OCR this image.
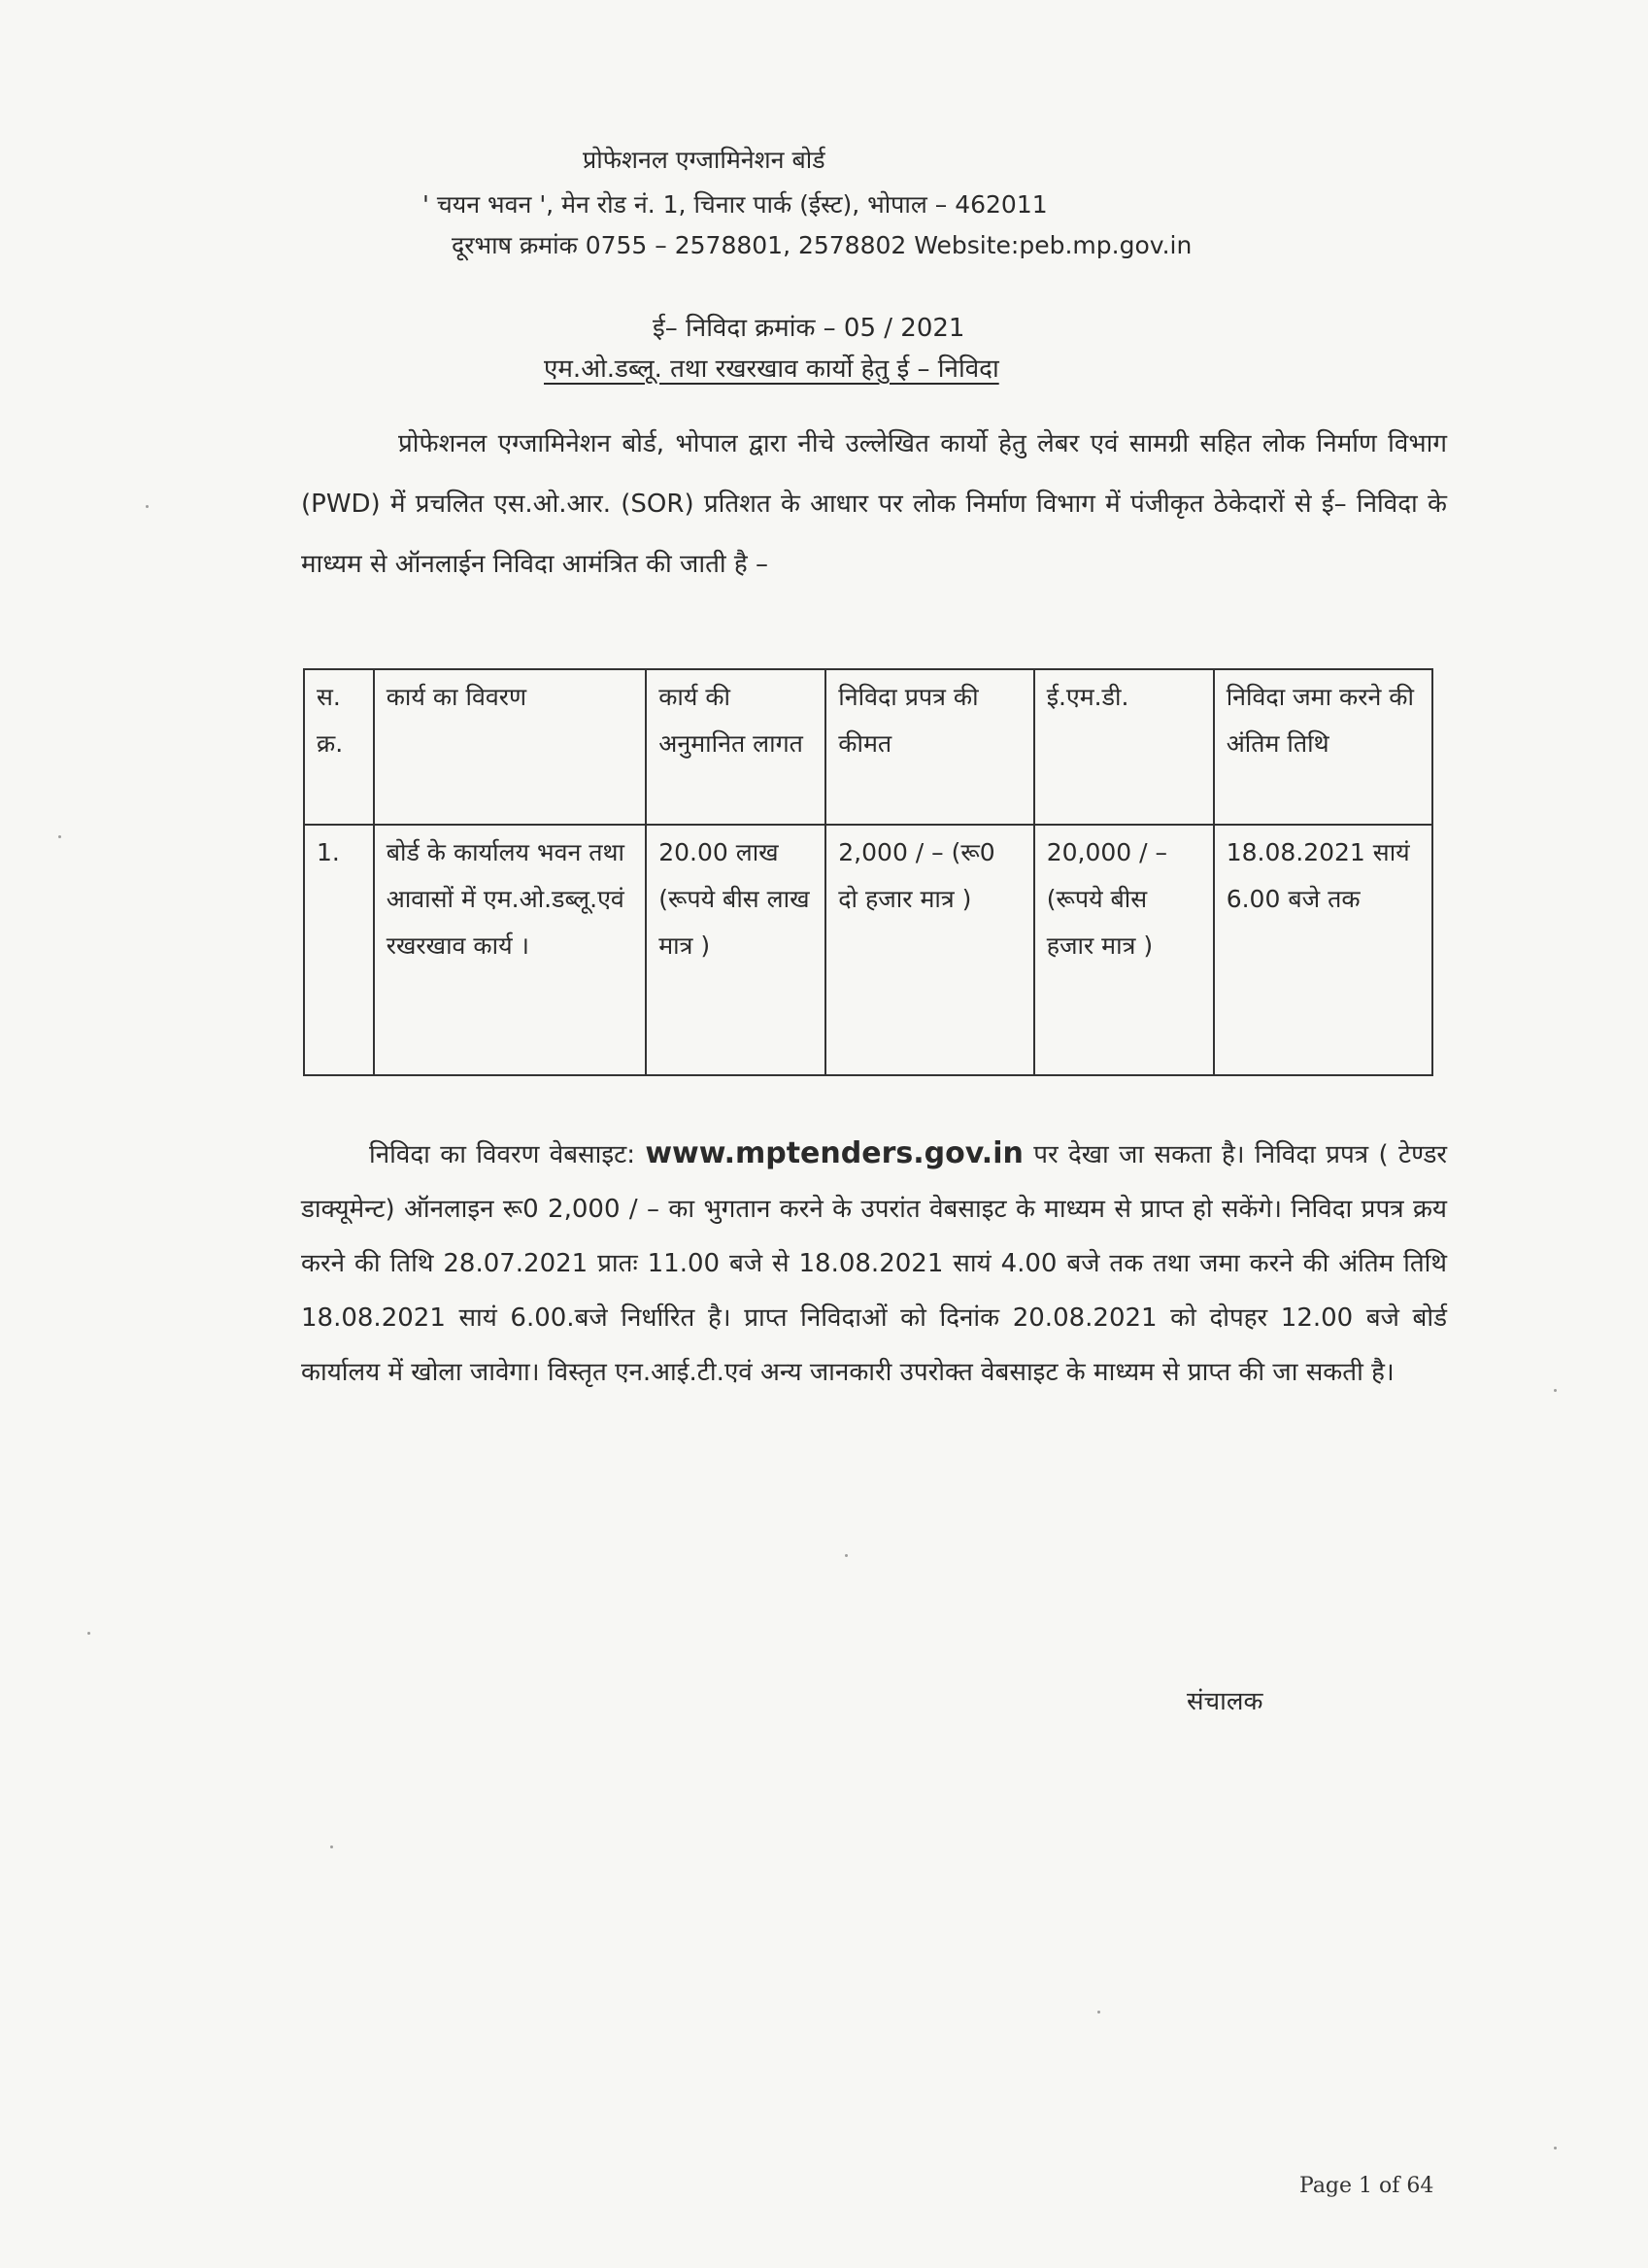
प्रोफेशनल एग्जामिनेशन बोर्ड
' चयन भवन ', मेन रोड नं. 1, चिनार पार्क (ईस्ट), भोपाल – 462011
दूरभाष क्रमांक 0755 – 2578801, 2578802 Website:peb.mp.gov.in
ई– निविदा क्रमांक – 05 / 2021
एम.ओ.डब्लू. तथा रखरखाव कार्यो हेतु ई – निविदा

प्रोफेशनल एग्जामिनेशन बोर्ड, भोपाल द्वारा नीचे उल्लेखित कार्यो हेतु लेबर एवं सामग्री सहित लोक निर्माण विभाग (PWD) में प्रचलित एस.ओ.आर. (SOR) प्रतिशत के आधार पर लोक निर्माण विभाग में पंजीकृत ठेकेदारों से ई– निविदा के माध्यम से ऑनलाईन निविदा आमंत्रित की जाती है –

स. क्र.	कार्य का विवरण	कार्य की अनुमानित लागत	निविदा प्रपत्र की कीमत	ई.एम.डी.	निविदा जमा करने की अंतिम तिथि
1.	बोर्ड के कार्यालय भवन तथा आवासों में एम.ओ.डब्लू.एवं रखरखाव कार्य ।	20.00 लाख (रूपये बीस लाख मात्र )	2,000 / – (रू0 दो हजार मात्र )	20,000 / – (रूपये बीस हजार मात्र )	18.08.2021 सायं 6.00 बजे तक

निविदा का विवरण वेबसाइट: www.mptenders.gov.in पर देखा जा सकता है। निविदा प्रपत्र ( टेण्डर डाक्यूमेन्ट) ऑनलाइन रू0 2,000 / – का भुगतान करने के उपरांत वेबसाइट के माध्यम से प्राप्त हो सकेंगे। निविदा प्रपत्र क्रय करने की तिथि 28.07.2021 प्रातः 11.00 बजे से 18.08.2021 सायं 4.00 बजे तक तथा जमा करने की अंतिम तिथि 18.08.2021 सायं 6.00.बजे निर्धारित है। प्राप्त निविदाओं को दिनांक 20.08.2021 को दोपहर 12.00 बजे बोर्ड कार्यालय में खोला जावेगा। विस्तृत एन.आई.टी.एवं अन्य जानकारी उपरोक्त वेबसाइट के माध्यम से प्राप्त की जा सकती है।

संचालक
Page 1 of 64
